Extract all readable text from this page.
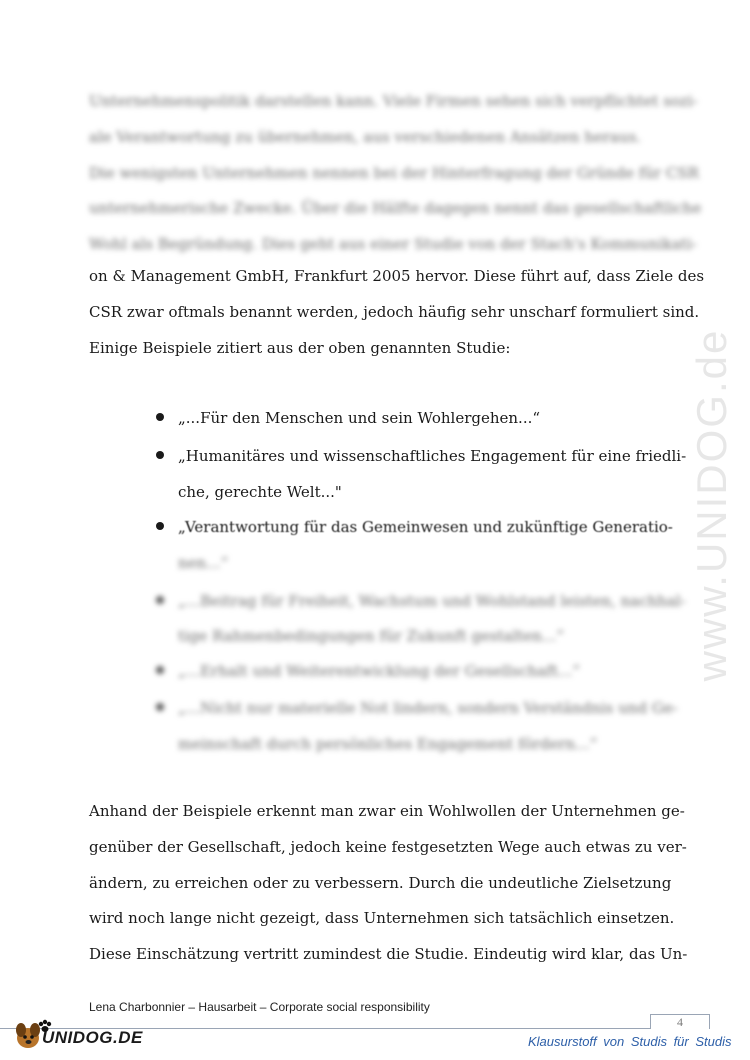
www.UNIDOG.de
Unternehmenspolitik darstellen kann. Viele Firmen sehen sich verpflichtet sozi-
ale Verantwortung zu übernehmen, aus verschiedenen Ansätzen heraus.
Die wenigsten Unternehmen nennen bei der Hinterfragung der Gründe für CSR
unternehmerische Zwecke. Über die Hälfte dagegen nennt das gesellschaftliche
Wohl als Begründung. Dies geht aus einer Studie von der Stach's Kommunikati-
on & Management GmbH, Frankfurt 2005 hervor. Diese führt auf, dass Ziele des
CSR zwar oftmals benannt werden, jedoch häufig sehr unscharf formuliert sind.
Einige Beispiele zitiert aus der oben genannten Studie:
„...Für den Menschen und sein Wohlergehen...“
„Humanitäres und wissenschaftliches Engagement für eine friedli-
che, gerechte Welt..."
„Verantwortung für das Gemeinwesen und zukünftige Generatio-
nen...“
„...Beitrag für Freiheit, Wachstum und Wohlstand leisten, nachhal-
tige Rahmenbedingungen für Zukunft gestalten...“
„...Erhalt und Weiterentwicklung der Gesellschaft...“
„...Nicht nur materielle Not lindern, sondern Verständnis und Ge-
meinschaft durch persönliches Engagement fördern...“
Anhand der Beispiele erkennt man zwar ein Wohlwollen der Unternehmen ge-
genüber der Gesellschaft, jedoch keine festgesetzten Wege auch etwas zu ver-
ändern, zu erreichen oder zu verbessern. Durch die undeutliche Zielsetzung
wird noch lange nicht gezeigt, dass Unternehmen sich tatsächlich einsetzen.
Diese Einschätzung vertritt zumindest die Studie. Eindeutig wird klar, das Un-
Lena Charbonnier – Hausarbeit – Corporate social responsibility
4
UNIDOG.DE	Klausurstoff von Studis für Studis
